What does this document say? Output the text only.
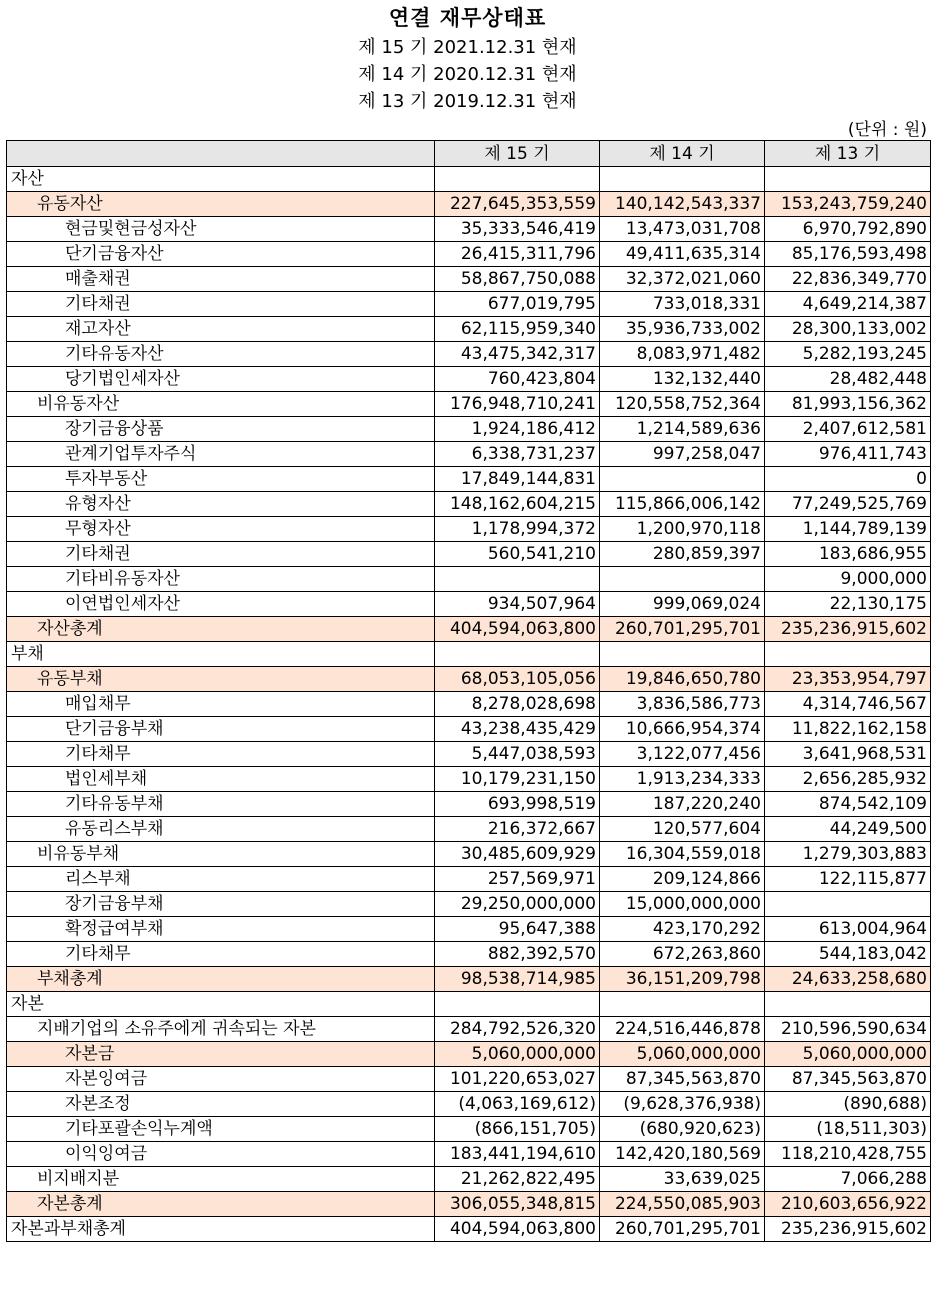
연결 재무상태표
제 15 기 2021.12.31 현재
제 14 기 2020.12.31 현재
제 13 기 2019.12.31 현재
(단위 : 원)
	제 15 기	제 14 기	제 13 기
자산			
유동자산	227,645,353,559	140,142,543,337	153,243,759,240
현금및현금성자산	35,333,546,419	13,473,031,708	6,970,792,890
단기금융자산	26,415,311,796	49,411,635,314	85,176,593,498
매출채권	58,867,750,088	32,372,021,060	22,836,349,770
기타채권	677,019,795	733,018,331	4,649,214,387
재고자산	62,115,959,340	35,936,733,002	28,300,133,002
기타유동자산	43,475,342,317	8,083,971,482	5,282,193,245
당기법인세자산	760,423,804	132,132,440	28,482,448
비유동자산	176,948,710,241	120,558,752,364	81,993,156,362
장기금융상품	1,924,186,412	1,214,589,636	2,407,612,581
관계기업투자주식	6,338,731,237	997,258,047	976,411,743
투자부동산	17,849,144,831		0
유형자산	148,162,604,215	115,866,006,142	77,249,525,769
무형자산	1,178,994,372	1,200,970,118	1,144,789,139
기타채권	560,541,210	280,859,397	183,686,955
기타비유동자산			9,000,000
이연법인세자산	934,507,964	999,069,024	22,130,175
자산총계	404,594,063,800	260,701,295,701	235,236,915,602
부채			
유동부채	68,053,105,056	19,846,650,780	23,353,954,797
매입채무	8,278,028,698	3,836,586,773	4,314,746,567
단기금융부채	43,238,435,429	10,666,954,374	11,822,162,158
기타채무	5,447,038,593	3,122,077,456	3,641,968,531
법인세부채	10,179,231,150	1,913,234,333	2,656,285,932
기타유동부채	693,998,519	187,220,240	874,542,109
유동리스부채	216,372,667	120,577,604	44,249,500
비유동부채	30,485,609,929	16,304,559,018	1,279,303,883
리스부채	257,569,971	209,124,866	122,115,877
장기금융부채	29,250,000,000	15,000,000,000	
확정급여부채	95,647,388	423,170,292	613,004,964
기타채무	882,392,570	672,263,860	544,183,042
부채총계	98,538,714,985	36,151,209,798	24,633,258,680
자본			
지배기업의 소유주에게 귀속되는 자본	284,792,526,320	224,516,446,878	210,596,590,634
자본금	5,060,000,000	5,060,000,000	5,060,000,000
자본잉여금	101,220,653,027	87,345,563,870	87,345,563,870
자본조정	(4,063,169,612)	(9,628,376,938)	(890,688)
기타포괄손익누계액	(866,151,705)	(680,920,623)	(18,511,303)
이익잉여금	183,441,194,610	142,420,180,569	118,210,428,755
비지배지분	21,262,822,495	33,639,025	7,066,288
자본총계	306,055,348,815	224,550,085,903	210,603,656,922
자본과부채총계	404,594,063,800	260,701,295,701	235,236,915,602
